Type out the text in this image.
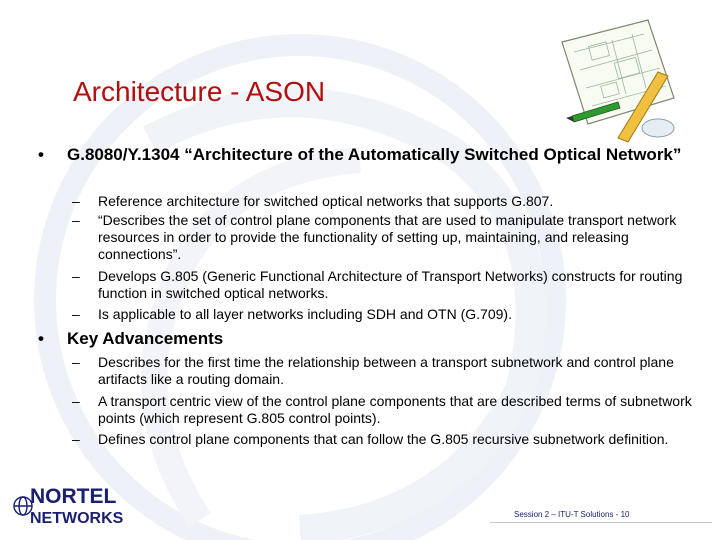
Architecture - ASON
• G.8080/Y.1304 “Architecture of the Automatically Switched Optical Network”
– Reference architecture for switched optical networks that supports G.807.
– “Describes the set of control plane components that are used to manipulate transport network resources in order to provide the functionality of setting up, maintaining, and releasing connections”.
– Develops G.805 (Generic Functional Architecture of Transport Networks) constructs for routing function in switched optical networks.
– Is applicable to all layer networks including SDH and OTN (G.709).
• Key Advancements
– Describes for the first time the relationship between a transport subnetwork and control plane artifacts like a routing domain.
– A transport centric view of the control plane components that are described terms of subnetwork points (which represent G.805 control points).
– Defines control plane components that can follow the G.805 recursive subnetwork definition.
NORTEL
NETWORKS	Session 2 – ITU-T Solutions - 10
